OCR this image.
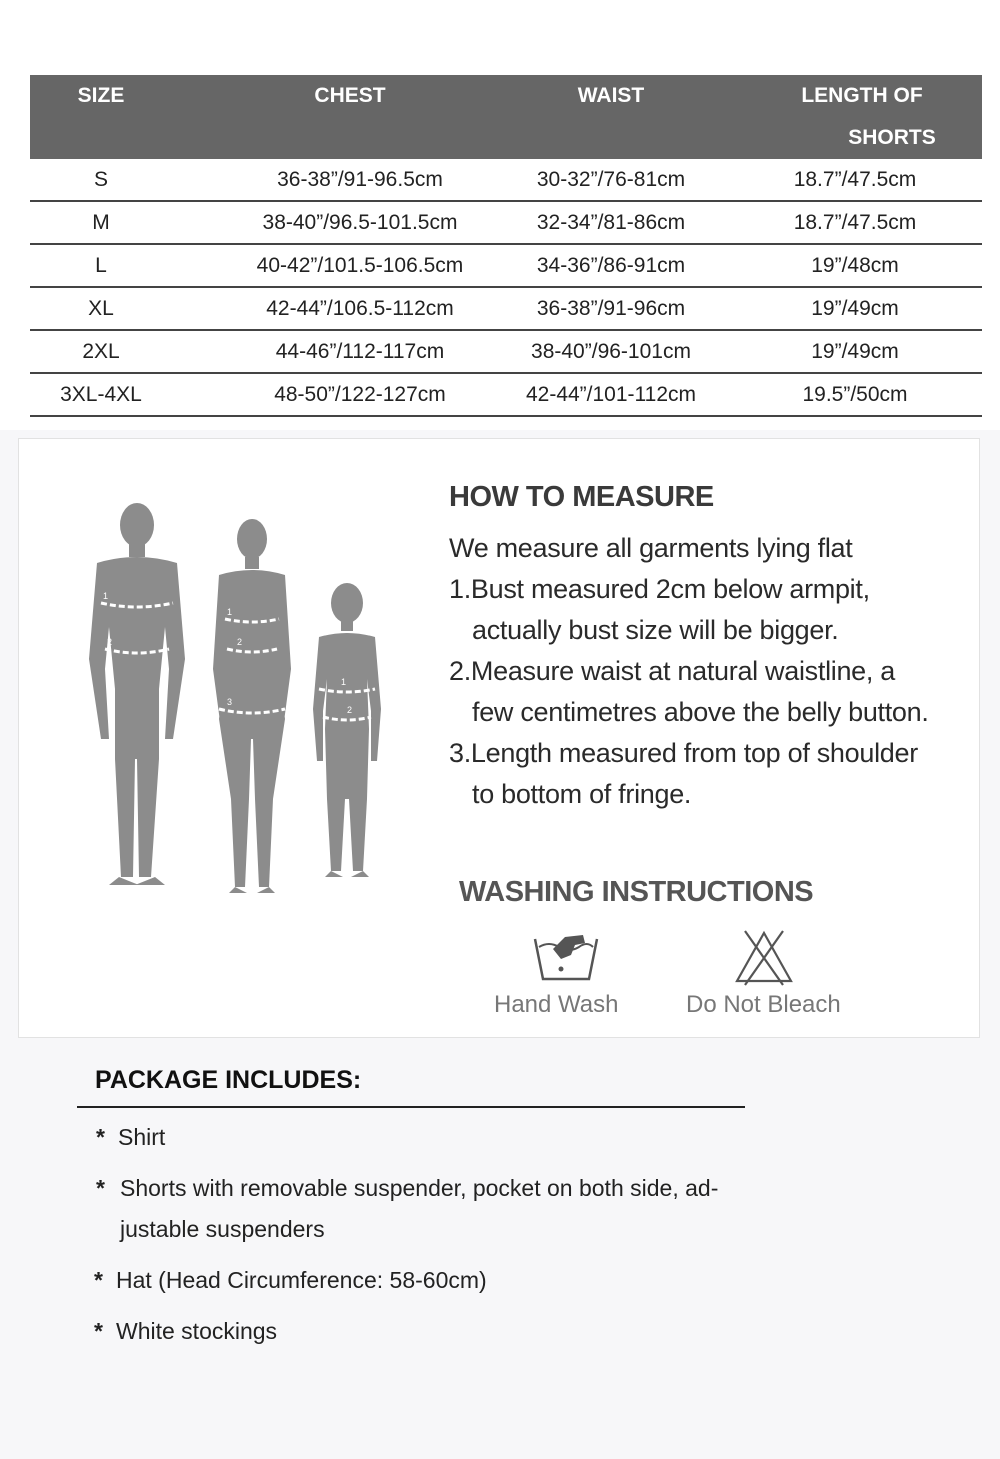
SIZE	CHEST	WAIST	LENGTH OF
SHORTS
S	36-38”/91-96.5cm	30-32”/76-81cm	18.7”/47.5cm
M	38-40”/96.5-101.5cm	32-34”/81-86cm	18.7”/47.5cm
L	40-42”/101.5-106.5cm	34-36”/86-91cm	19”/48cm
XL	42-44”/106.5-112cm	36-38”/91-96cm	19”/49cm
2XL	44-46”/112-117cm	38-40”/96-101cm	19”/49cm
3XL-4XL	48-50”/122-127cm	42-44”/101-112cm	19.5”/50cm
1
2
1
2
3
1
2
HOW TO MEASURE
We measure all garments lying flat
1.Bust measured 2cm below armpit,
actually bust size will be bigger.
2.Measure waist at natural waistline, a
few centimetres above the belly button.
3.Length measured from top of shoulder
to bottom of fringe.
WASHING INSTRUCTIONS
Hand Wash	Do Not Bleach
PACKAGE INCLUDES:
* Shirt
* Shorts with removable suspender, pocket on both side, ad-
justable suspenders
* Hat (Head Circumference: 58-60cm)
* White stockings
